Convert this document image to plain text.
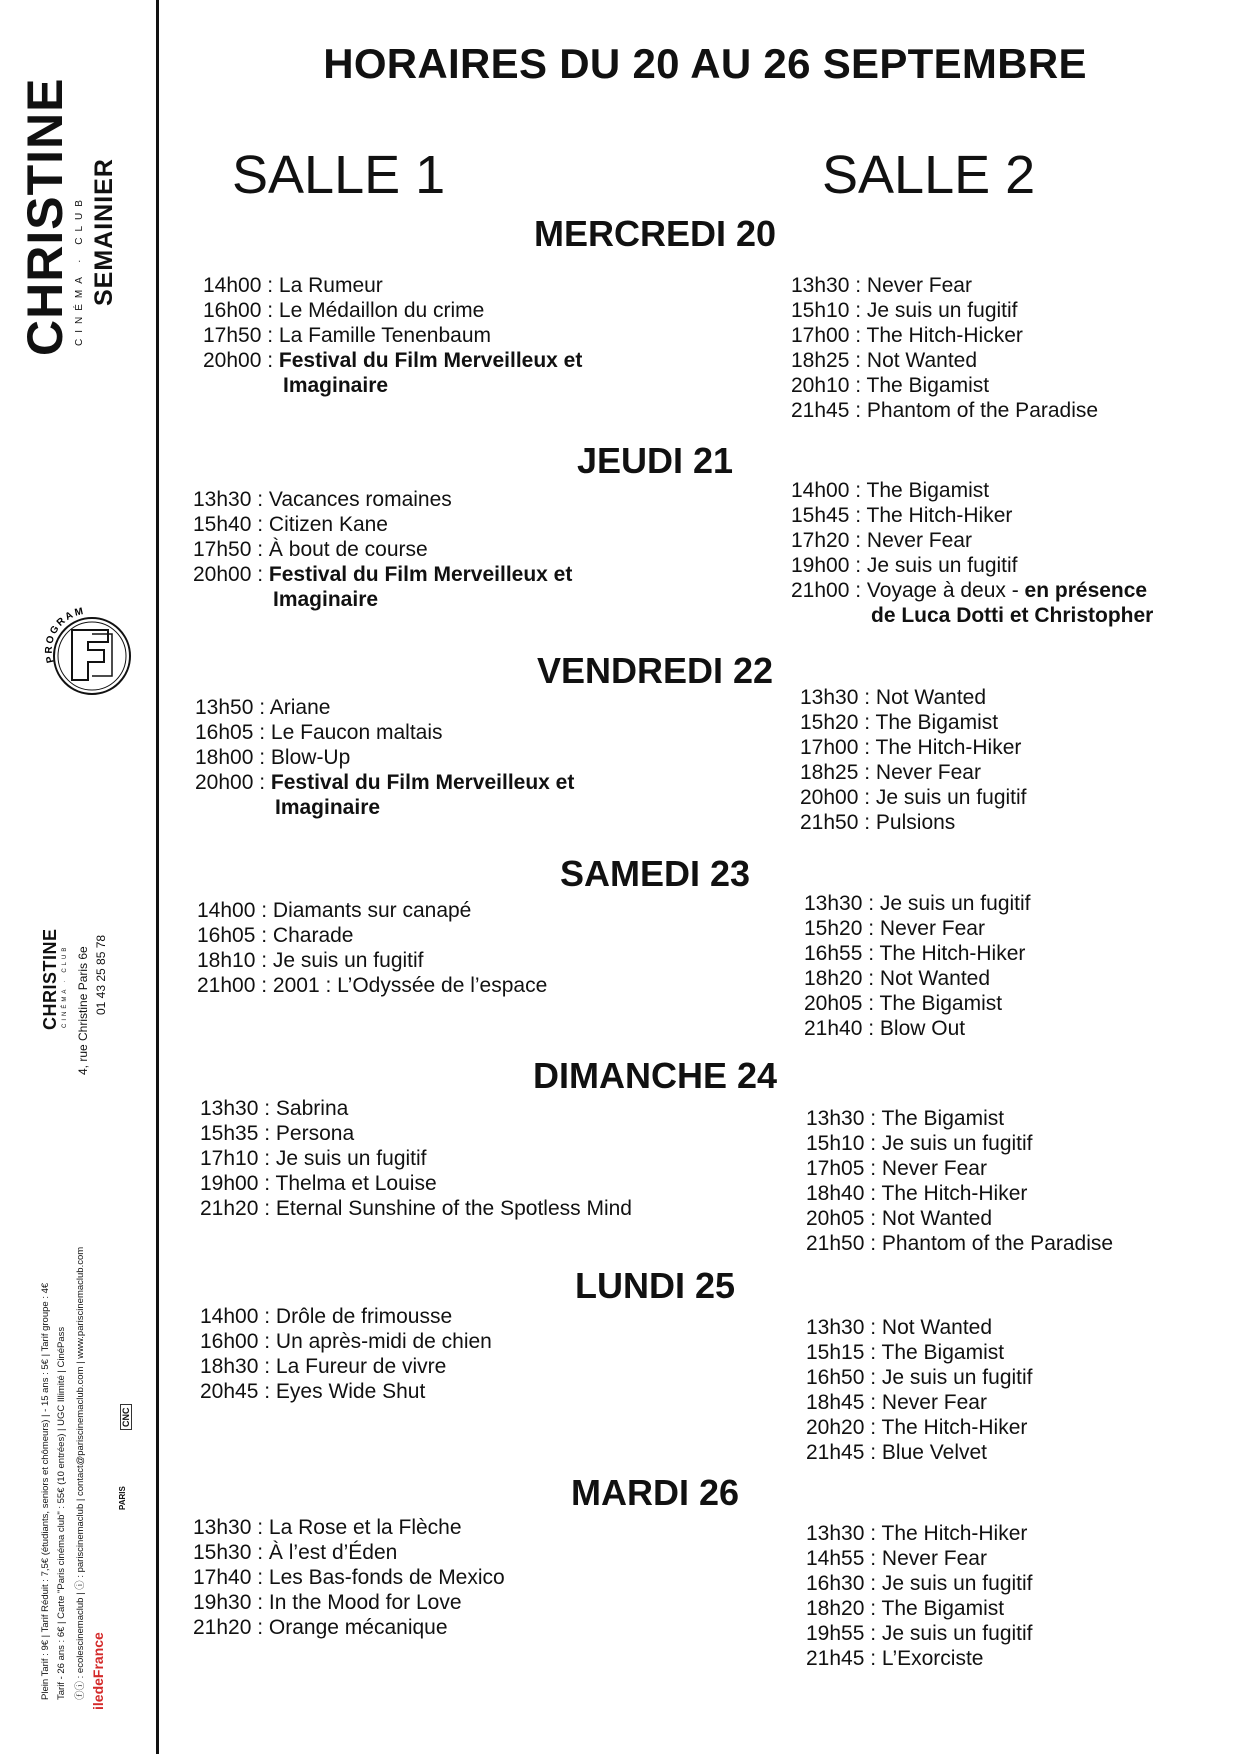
CHRISTINE CINÉMA · CLUB SEMAINIER
PROGRAM
CHRISTINE CINÉMA · CLUB 4, rue Christine Paris 6e 01 43 25 85 78
Plein Tarif : 9€ | Tarif Réduit : 7,5€ (étudiants, seniors et chômeurs) | - 15 ans : 5€ | Tarif groupe : 4€ Tarif - 26 ans : 6€ | Carte "Paris cinéma club" : 55€ (10 entrées) | UGC Illimité | CinéPass ⓕⓘ : ecolescinemaclub | ⓘ : pariscinemaclub | contact@pariscinemaclub.com | www.pariscinemaclub.com iledeFrance
PARIS
CNC
HORAIRES DU 20 AU 26 SEPTEMBRE
SALLE 1	SALLE 2
MERCREDI 20
14h00 : La Rumeur
16h00 : Le Médaillon du crime
17h50 : La Famille Tenenbaum
20h00 : Festival du Film Merveilleux et
Imaginaire
13h30 : Never Fear
15h10 : Je suis un fugitif
17h00 : The Hitch-Hicker
18h25 : Not Wanted
20h10 : The Bigamist
21h45 : Phantom of the Paradise
JEUDI 21
13h30 : Vacances romaines
15h40 : Citizen Kane
17h50 : À bout de course
20h00 : Festival du Film Merveilleux et
Imaginaire
14h00 : The Bigamist
15h45 : The Hitch-Hiker
17h20 : Never Fear
19h00 : Je suis un fugitif
21h00 : Voyage à deux - en présence
de Luca Dotti et Christopher
VENDREDI 22
13h50 : Ariane
16h05 : Le Faucon maltais
18h00 : Blow-Up
20h00 : Festival du Film Merveilleux et
Imaginaire
13h30 : Not Wanted
15h20 : The Bigamist
17h00 : The Hitch-Hiker
18h25 : Never Fear
20h00 : Je suis un fugitif
21h50 : Pulsions
SAMEDI 23
14h00 : Diamants sur canapé
16h05 : Charade
18h10 : Je suis un fugitif
21h00 : 2001 : L’Odyssée de l’espace
13h30 : Je suis un fugitif
15h20 : Never Fear
16h55 : The Hitch-Hiker
18h20 : Not Wanted
20h05 : The Bigamist
21h40 : Blow Out
DIMANCHE 24
13h30 : Sabrina
15h35 : Persona
17h10 : Je suis un fugitif
19h00 : Thelma et Louise
21h20 : Eternal Sunshine of the Spotless Mind
13h30 : The Bigamist
15h10 : Je suis un fugitif
17h05 : Never Fear
18h40 : The Hitch-Hiker
20h05 : Not Wanted
21h50 : Phantom of the Paradise
LUNDI 25
14h00 : Drôle de frimousse
16h00 : Un après-midi de chien
18h30 : La Fureur de vivre
20h45 : Eyes Wide Shut
13h30 : Not Wanted
15h15 : The Bigamist
16h50 : Je suis un fugitif
18h45 : Never Fear
20h20 : The Hitch-Hiker
21h45 : Blue Velvet
MARDI 26
13h30 : La Rose et la Flèche
15h30 : À l’est d’Éden
17h40 : Les Bas-fonds de Mexico
19h30 : In the Mood for Love
21h20 : Orange mécanique
13h30 : The Hitch-Hiker
14h55 : Never Fear
16h30 : Je suis un fugitif
18h20 : The Bigamist
19h55 : Je suis un fugitif
21h45 : L’Exorciste
